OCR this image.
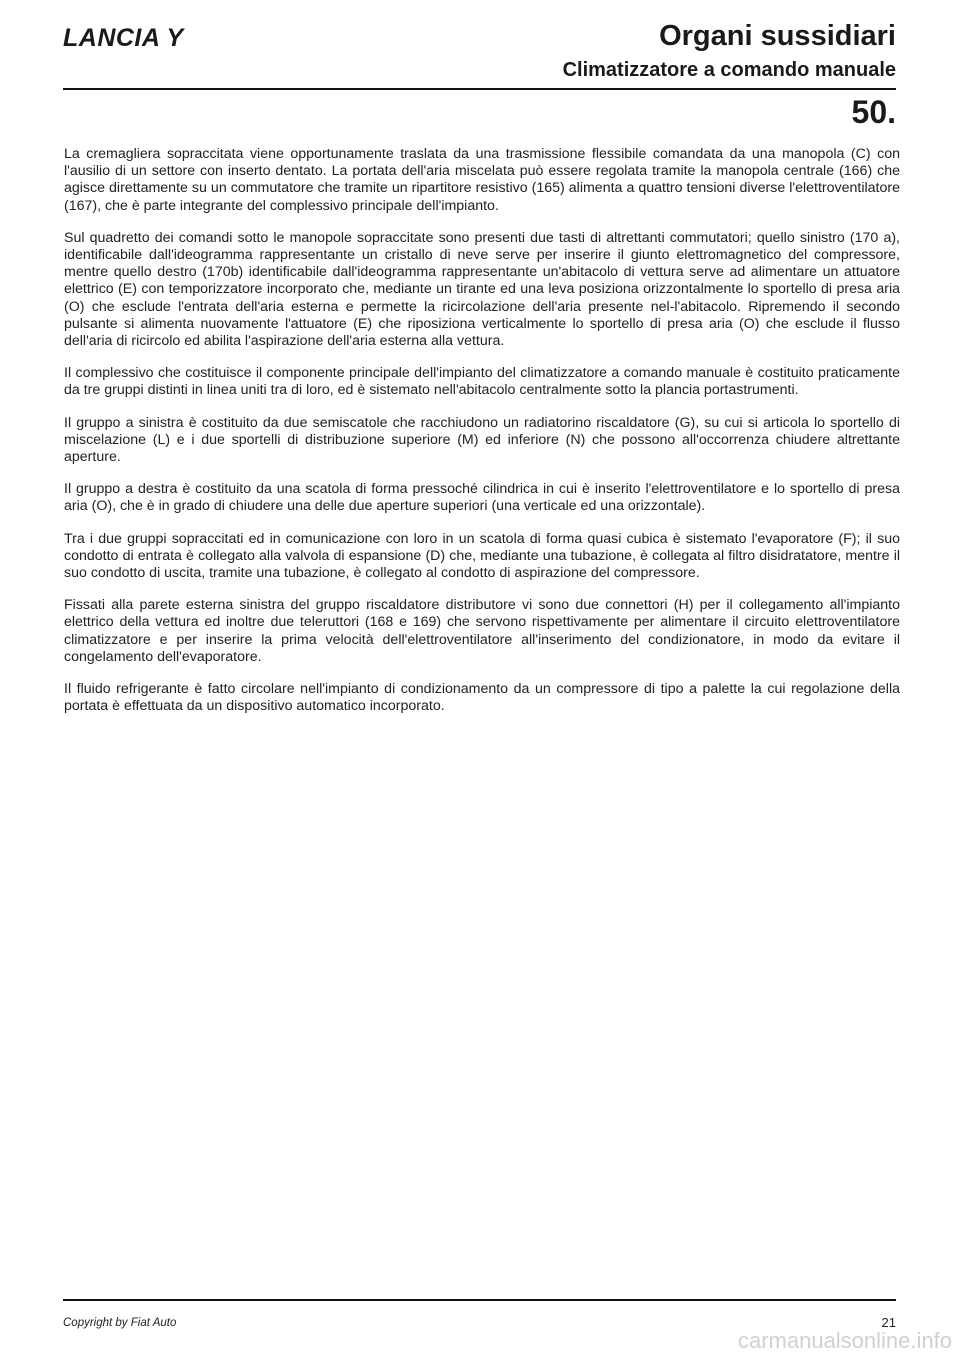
LANCIA Y	Organi sussidiari
Climatizzatore a comando manuale
50.

La cremagliera sopraccitata viene opportunamente traslata da una trasmissione flessibile comandata da una manopola (C) con l'ausilio di un settore con inserto dentato. La portata dell'aria miscelata può essere regolata tramite la manopola centrale (166) che agisce direttamente su un commutatore che tramite un ripartitore resistivo (165) alimenta a quattro tensioni diverse l'elettroventilatore (167), che è parte integrante del complessivo principale dell'impianto.

Sul quadretto dei comandi sotto le manopole sopraccitate sono presenti due tasti di altrettanti commutatori; quello sinistro (170 a), identificabile dall'ideogramma rappresentante un cristallo di neve serve per inserire il giunto elettromagnetico del compressore, mentre quello destro (170b) identificabile dall'ideogramma rappresentante un'abitacolo di vettura serve ad alimentare un attuatore elettrico (E) con temporizzatore incorporato che, mediante un tirante ed una leva posiziona orizzontalmente lo sportello di presa aria (O) che esclude l'entrata dell'aria esterna e permette la ricircolazione dell'aria presente nel-l'abitacolo. Ripremendo il secondo pulsante si alimenta nuovamente l'attuatore (E) che riposiziona verticalmente lo sportello di presa aria (O) che esclude il flusso dell'aria di ricircolo ed abilita l'aspirazione dell'aria esterna alla vettura.

Il complessivo che costituisce il componente principale dell'impianto del climatizzatore a comando manuale è costituito praticamente da tre gruppi distinti in linea uniti tra di loro, ed è sistemato nell'abitacolo centralmente sotto la plancia portastrumenti.

Il gruppo a sinistra è costituito da due semiscatole che racchiudono un radiatorino riscaldatore (G), su cui si articola lo sportello di miscelazione (L) e i due sportelli di distribuzione superiore (M) ed inferiore (N) che possono all'occorrenza chiudere altrettante aperture.

Il gruppo a destra è costituito da una scatola di forma pressoché cilindrica in cui è inserito l'elettroventilatore e lo sportello di presa aria (O), che è in grado di chiudere una delle due aperture superiori (una verticale ed una orizzontale).

Tra i due gruppi sopraccitati ed in comunicazione con loro in un scatola di forma quasi cubica è sistemato l'evaporatore (F); il suo condotto di entrata è collegato alla valvola di espansione (D) che, mediante una tubazione, è collegata al filtro disidratatore, mentre il suo condotto di uscita, tramite una tubazione, è collegato al condotto di aspirazione del compressore.

Fissati alla parete esterna sinistra del gruppo riscaldatore distributore vi sono due connettori (H) per il collegamento all'impianto elettrico della vettura ed inoltre due teleruttori (168 e 169) che servono rispettivamente per alimentare il circuito elettroventilatore climatizzatore e per inserire la prima velocità dell'elettroventilatore all'inserimento del condizionatore, in modo da evitare il congelamento dell'evaporatore.

Il fluido refrigerante è fatto circolare nell'impianto di condizionamento da un compressore di tipo a palette la cui regolazione della portata è effettuata da un dispositivo automatico incorporato.

Copyright by Fiat Auto	21
carmanualsonline.info
